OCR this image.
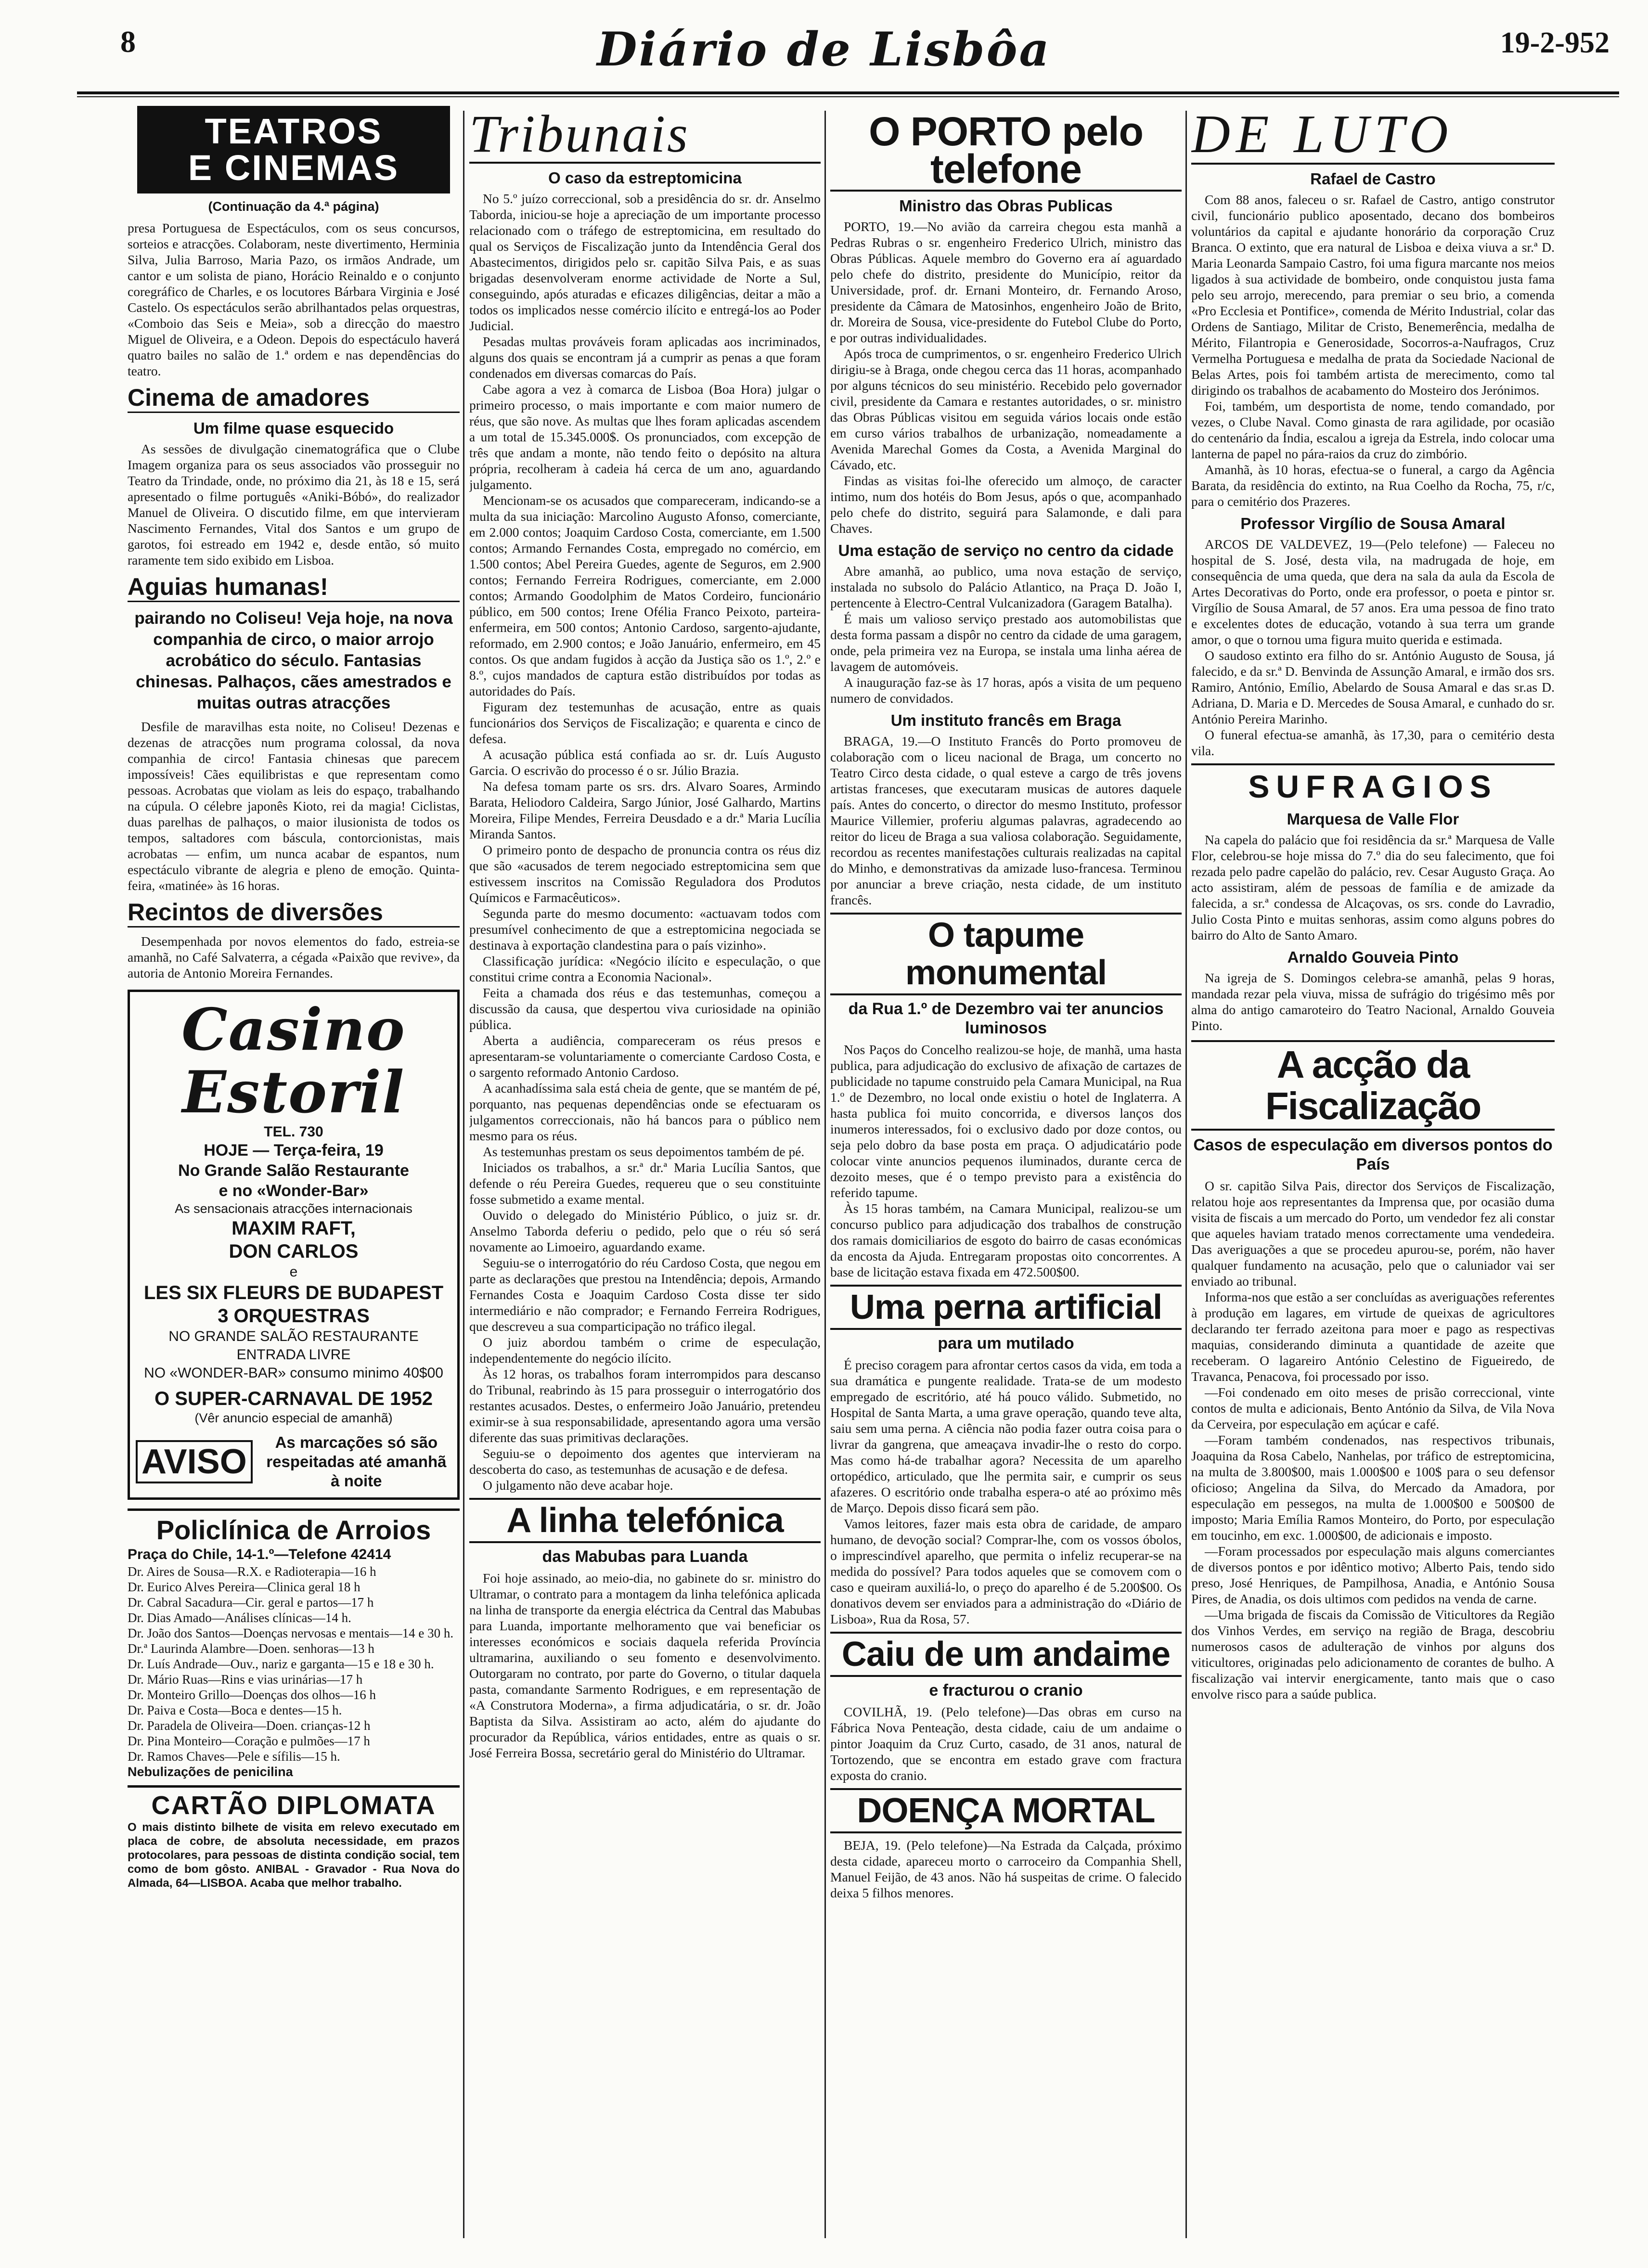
8	Diário de Lisbôa	19-2-952
TEATROS
E CINEMAS
(Continuação da 4.ª página)

presa Portuguesa de Espectáculos, com os seus concursos, sorteios e atracções. Colaboram, neste divertimento, Herminia Silva, Julia Barroso, Maria Pazo, os irmãos Andrade, um cantor e um solista de piano, Horácio Reinaldo e o conjunto coregráfico de Charles, e os locutores Bárbara Virginia e José Castelo. Os espectáculos serão abrilhantados pelas orquestras, «Comboio das Seis e Meia», sob a direcção do maestro Miguel de Oliveira, e a Odeon. Depois do espectáculo haverá quatro bailes no salão de 1.ª ordem e nas dependências do teatro.

Cinema de amadores
Um filme quase esquecido

As sessões de divulgação cinematográfica que o Clube Imagem organiza para os seus associados vão prosseguir no Teatro da Trindade, onde, no próximo dia 21, às 18 e 15, será apresentado o filme português «Aniki-Bóbó», do realizador Manuel de Oliveira. O discutido filme, em que intervieram Nascimento Fernandes, Vital dos Santos e um grupo de garotos, foi estreado em 1942 e, desde então, só muito raramente tem sido exibido em Lisboa.

Aguias humanas!
pairando no Coliseu! Veja hoje, na nova companhia de circo, o maior arrojo acrobático do século. Fantasias chinesas. Palhaços, cães amestrados e muitas outras atracções

Desfile de maravilhas esta noite, no Coliseu! Dezenas e dezenas de atracções num programa colossal, da nova companhia de circo! Fantasia chinesas que parecem impossíveis! Cães equilibristas e que representam como pessoas. Acrobatas que violam as leis do espaço, trabalhando na cúpula. O célebre japonês Kioto, rei da magia! Ciclistas, duas parelhas de palhaços, o maior ilusionista de todos os tempos, saltadores com báscula, contorcionistas, mais acrobatas — enfim, um nunca acabar de espantos, num espectáculo vibrante de alegria e pleno de emoção. Quinta-feira, «matinée» às 16 horas.

Recintos de diversões

Desempenhada por novos elementos do fado, estreia-se amanhã, no Café Salvaterra, a cégada «Paixão que revive», da autoria de Antonio Moreira Fernandes.

Casino Estoril
TEL. 730
HOJE — Terça-feira, 19
No Grande Salão Restaurante
e no «Wonder-Bar»
As sensacionais atracções internacionais
MAXIM RAFT,
DON CARLOS
e
LES SIX FLEURS DE BUDAPEST
3 ORQUESTRAS
NO GRANDE SALÃO RESTAURANTE
ENTRADA LIVRE
NO «WONDER-BAR» consumo minimo 40$00
O SUPER-CARNAVAL DE 1952
(Vêr anuncio especial de amanhã)
AVISO
As marcações só são respeitadas até amanhã à noite
Policlínica de Arroios
Praça do Chile, 14-1.º—Telefone 42414
Dr. Aires de Sousa—R.X. e Radioterapia—16 h
Dr. Eurico Alves Pereira—Clinica geral 18 h
Dr. Cabral Sacadura—Cir. geral e partos—17 h
Dr. Dias Amado—Análises clínicas—14 h.
Dr. João dos Santos—Doenças nervosas e mentais—14 e 30 h.
Dr.ª Laurinda Alambre—Doen. senhoras—13 h
Dr. Luís Andrade—Ouv., nariz e garganta—15 e 18 e 30 h.
Dr. Mário Ruas—Rins e vias urinárias—17 h
Dr. Monteiro Grillo—Doenças dos olhos—16 h
Dr. Paiva e Costa—Boca e dentes—15 h.
Dr. Paradela de Oliveira—Doen. crianças-12 h
Dr. Pina Monteiro—Coração e pulmões—17 h
Dr. Ramos Chaves—Pele e sífilis—15 h.
Nebulizações de penicilina
CARTÃO DIPLOMATA

O mais distinto bilhete de visita em relevo executado em placa de cobre, de absoluta necessidade, em prazos protocolares, para pessoas de distinta condição social, tem como de bom gôsto. ANIBAL - Gravador - Rua Nova do Almada, 64—LISBOA. Acaba que melhor trabalho.

Tribunais
O caso da estreptomicina

No 5.º juízo correccional, sob a presidência do sr. dr. Anselmo Taborda, iniciou-se hoje a apreciação de um importante processo relacionado com o tráfego de estreptomicina, em resultado do qual os Serviços de Fiscalização junto da Intendência Geral dos Abastecimentos, dirigidos pelo sr. capitão Silva Pais, e as suas brigadas desenvolveram enorme actividade de Norte a Sul, conseguindo, após aturadas e eficazes diligências, deitar a mão a todos os implicados nesse comércio ilícito e entregá-los ao Poder Judicial.

Pesadas multas prováveis foram aplicadas aos incriminados, alguns dos quais se encontram já a cumprir as penas a que foram condenados em diversas comarcas do País.

Cabe agora a vez à comarca de Lisboa (Boa Hora) julgar o primeiro processo, o mais importante e com maior numero de réus, que são nove. As multas que lhes foram aplicadas ascendem a um total de 15.345.000$. Os pronunciados, com excepção de três que andam a monte, não tendo feito o depósito na altura própria, recolheram à cadeia há cerca de um ano, aguardando julgamento.

Mencionam-se os acusados que compareceram, indicando-se a multa da sua iniciação: Marcolino Augusto Afonso, comerciante, em 2.000 contos; Joaquim Cardoso Costa, comerciante, em 1.500 contos; Armando Fernandes Costa, empregado no comércio, em 1.500 contos; Abel Pereira Guedes, agente de Seguros, em 2.900 contos; Fernando Ferreira Rodrigues, comerciante, em 2.000 contos; Armando Goodolphim de Matos Cordeiro, funcionário público, em 500 contos; Irene Ofélia Franco Peixoto, parteira-enfermeira, em 500 contos; Antonio Cardoso, sargento-ajudante, reformado, em 2.900 contos; e João Januário, enfermeiro, em 45 contos. Os que andam fugidos à acção da Justiça são os 1.º, 2.º e 8.º, cujos mandados de captura estão distribuídos por todas as autoridades do País.

Figuram dez testemunhas de acusação, entre as quais funcionários dos Serviços de Fiscalização; e quarenta e cinco de defesa.

A acusação pública está confiada ao sr. dr. Luís Augusto Garcia. O escrivão do processo é o sr. Júlio Brazia.

Na defesa tomam parte os srs. drs. Alvaro Soares, Armindo Barata, Heliodoro Caldeira, Sargo Júnior, José Galhardo, Martins Moreira, Filipe Mendes, Ferreira Deusdado e a dr.ª Maria Lucília Miranda Santos.

O primeiro ponto de despacho de pronuncia contra os réus diz que são «acusados de terem negociado estreptomicina sem que estivessem inscritos na Comissão Reguladora dos Produtos Químicos e Farmacêuticos».

Segunda parte do mesmo documento: «actuavam todos com presumível conhecimento de que a estreptomicina negociada se destinava à exportação clandestina para o país vizinho».

Classificação jurídica: «Negócio ilícito e especulação, o que constitui crime contra a Economia Nacional».

Feita a chamada dos réus e das testemunhas, começou a discussão da causa, que despertou viva curiosidade na opinião pública.

Aberta a audiência, compareceram os réus presos e apresentaram-se voluntariamente o comerciante Cardoso Costa, e o sargento reformado Antonio Cardoso.

A acanhadíssima sala está cheia de gente, que se mantém de pé, porquanto, nas pequenas dependências onde se efectuaram os julgamentos correccionais, não há bancos para o público nem mesmo para os réus.

As testemunhas prestam os seus depoimentos também de pé.

Iniciados os trabalhos, a sr.ª dr.ª Maria Lucília Santos, que defende o réu Pereira Guedes, requereu que o seu constituinte fosse submetido a exame mental.

Ouvido o delegado do Ministério Público, o juiz sr. dr. Anselmo Taborda deferiu o pedido, pelo que o réu só será novamente ao Limoeiro, aguardando exame.

Seguiu-se o interrogatório do réu Cardoso Costa, que negou em parte as declarações que prestou na Intendência; depois, Armando Fernandes Costa e Joaquim Cardoso Costa disse ter sido intermediário e não comprador; e Fernando Ferreira Rodrigues, que descreveu a sua comparticipação no tráfico ilegal.

O juiz abordou também o crime de especulação, independentemente do negócio ilícito.

Às 12 horas, os trabalhos foram interrompidos para descanso do Tribunal, reabrindo às 15 para prosseguir o interrogatório dos restantes acusados. Destes, o enfermeiro João Januário, pretendeu eximir-se à sua responsabilidade, apresentando agora uma versão diferente das suas primitivas declarações.

Seguiu-se o depoimento dos agentes que intervieram na descoberta do caso, as testemunhas de acusação e de defesa.

O julgamento não deve acabar hoje.

A linha telefónica
das Mabubas para Luanda

Foi hoje assinado, ao meio-dia, no gabinete do sr. ministro do Ultramar, o contrato para a montagem da linha telefónica aplicada na linha de transporte da energia eléctrica da Central das Mabubas para Luanda, importante melhoramento que vai beneficiar os interesses económicos e sociais daquela referida Província ultramarina, auxiliando o seu fomento e desenvolvimento. Outorgaram no contrato, por parte do Governo, o titular daquela pasta, comandante Sarmento Rodrigues, e em representação de «A Construtora Moderna», a firma adjudicatária, o sr. dr. João Baptista da Silva. Assistiram ao acto, além do ajudante do procurador da República, vários entidades, entre as quais o sr. José Ferreira Bossa, secretário geral do Ministério do Ultramar.

O PORTO pelo telefone
Ministro das Obras Publicas

PORTO, 19.—No avião da carreira chegou esta manhã a Pedras Rubras o sr. engenheiro Frederico Ulrich, ministro das Obras Públicas. Aquele membro do Governo era aí aguardado pelo chefe do distrito, presidente do Município, reitor da Universidade, prof. dr. Ernani Monteiro, dr. Fernando Aroso, presidente da Câmara de Matosinhos, engenheiro João de Brito, dr. Moreira de Sousa, vice-presidente do Futebol Clube do Porto, e por outras individualidades.

Após troca de cumprimentos, o sr. engenheiro Frederico Ulrich dirigiu-se à Braga, onde chegou cerca das 11 horas, acompanhado por alguns técnicos do seu ministério. Recebido pelo governador civil, presidente da Camara e restantes autoridades, o sr. ministro das Obras Públicas visitou em seguida vários locais onde estão em curso vários trabalhos de urbanização, nomeadamente a Avenida Marechal Gomes da Costa, a Avenida Marginal do Cávado, etc.

Findas as visitas foi-lhe oferecido um almoço, de caracter intimo, num dos hotéis do Bom Jesus, após o que, acompanhado pelo chefe do distrito, seguirá para Salamonde, e dali para Chaves.

Uma estação de serviço no centro da cidade

Abre amanhã, ao publico, uma nova estação de serviço, instalada no subsolo do Palácio Atlantico, na Praça D. João I, pertencente à Electro-Central Vulcanizadora (Garagem Batalha).

É mais um valioso serviço prestado aos automobilistas que desta forma passam a dispôr no centro da cidade de uma garagem, onde, pela primeira vez na Europa, se instala uma linha aérea de lavagem de automóveis.

A inauguração faz-se às 17 horas, após a visita de um pequeno numero de convidados.

Um instituto francês em Braga

BRAGA, 19.—O Instituto Francês do Porto promoveu de colaboração com o liceu nacional de Braga, um concerto no Teatro Circo desta cidade, o qual esteve a cargo de três jovens artistas franceses, que executaram musicas de autores daquele país. Antes do concerto, o director do mesmo Instituto, professor Maurice Villemier, proferiu algumas palavras, agradecendo ao reitor do liceu de Braga a sua valiosa colaboração. Seguidamente, recordou as recentes manifestações culturais realizadas na capital do Minho, e demonstrativas da amizade luso-francesa. Terminou por anunciar a breve criação, nesta cidade, de um instituto francês.

O tapume monumental
da Rua 1.º de Dezembro vai ter anuncios luminosos

Nos Paços do Concelho realizou-se hoje, de manhã, uma hasta publica, para adjudicação do exclusivo de afixação de cartazes de publicidade no tapume construido pela Camara Municipal, na Rua 1.º de Dezembro, no local onde existiu o hotel de Inglaterra. A hasta publica foi muito concorrida, e diversos lanços dos inumeros interessados, foi o exclusivo dado por doze contos, ou seja pelo dobro da base posta em praça. O adjudicatário pode colocar vinte anuncios pequenos iluminados, durante cerca de dezoito meses, que é o tempo previsto para a existência do referido tapume.

Às 15 horas também, na Camara Municipal, realizou-se um concurso publico para adjudicação dos trabalhos de construção dos ramais domiciliarios de esgoto do bairro de casas económicas da encosta da Ajuda. Entregaram propostas oito concorrentes. A base de licitação estava fixada em 472.500$00.

Uma perna artificial
para um mutilado

É preciso coragem para afrontar certos casos da vida, em toda a sua dramática e pungente realidade. Trata-se de um modesto empregado de escritório, até há pouco válido. Submetido, no Hospital de Santa Marta, a uma grave operação, quando teve alta, saiu sem uma perna. A ciência não podia fazer outra coisa para o livrar da gangrena, que ameaçava invadir-lhe o resto do corpo. Mas como há-de trabalhar agora? Necessita de um aparelho ortopédico, articulado, que lhe permita sair, e cumprir os seus afazeres. O escritório onde trabalha espera-o até ao próximo mês de Março. Depois disso ficará sem pão.

Vamos leitores, fazer mais esta obra de caridade, de amparo humano, de devoção social? Comprar-lhe, com os vossos óbolos, o imprescindível aparelho, que permita o infeliz recuperar-se na medida do possível? Para todos aqueles que se comovem com o caso e queiram auxiliá-lo, o preço do aparelho é de 5.200$00. Os donativos devem ser enviados para a administração do «Diário de Lisboa», Rua da Rosa, 57.

Caiu de um andaime
e fracturou o cranio

COVILHÃ, 19. (Pelo telefone)—Das obras em curso na Fábrica Nova Penteação, desta cidade, caiu de um andaime o pintor Joaquim da Cruz Curto, casado, de 31 anos, natural de Tortozendo, que se encontra em estado grave com fractura exposta do cranio.

DOENÇA MORTAL

BEJA, 19. (Pelo telefone)—Na Estrada da Calçada, próximo desta cidade, apareceu morto o carroceiro da Companhia Shell, Manuel Feijão, de 43 anos. Não há suspeitas de crime. O falecido deixa 5 filhos menores.

DE LUTO
Rafael de Castro

Com 88 anos, faleceu o sr. Rafael de Castro, antigo construtor civil, funcionário publico aposentado, decano dos bombeiros voluntários da capital e ajudante honorário da corporação Cruz Branca. O extinto, que era natural de Lisboa e deixa viuva a sr.ª D. Maria Leonarda Sampaio Castro, foi uma figura marcante nos meios ligados à sua actividade de bombeiro, onde conquistou justa fama pelo seu arrojo, merecendo, para premiar o seu brio, a comenda «Pro Ecclesia et Pontifice», comenda de Mérito Industrial, colar das Ordens de Santiago, Militar de Cristo, Benemerência, medalha de Mérito, Filantropia e Generosidade, Socorros-a-Naufragos, Cruz Vermelha Portuguesa e medalha de prata da Sociedade Nacional de Belas Artes, pois foi também artista de merecimento, como tal dirigindo os trabalhos de acabamento do Mosteiro dos Jerónimos.

Foi, também, um desportista de nome, tendo comandado, por vezes, o Clube Naval. Como ginasta de rara agilidade, por ocasião do centenário da Índia, escalou a igreja da Estrela, indo colocar uma lanterna de papel no pára-raios da cruz do zimbório.

Amanhã, às 10 horas, efectua-se o funeral, a cargo da Agência Barata, da residência do extinto, na Rua Coelho da Rocha, 75, r/c, para o cemitério dos Prazeres.

Professor Virgílio de Sousa Amaral

ARCOS DE VALDEVEZ, 19—(Pelo telefone) — Faleceu no hospital de S. José, desta vila, na madrugada de hoje, em consequência de uma queda, que dera na sala da aula da Escola de Artes Decorativas do Porto, onde era professor, o poeta e pintor sr. Virgílio de Sousa Amaral, de 57 anos. Era uma pessoa de fino trato e excelentes dotes de educação, votando à sua terra um grande amor, o que o tornou uma figura muito querida e estimada.

O saudoso extinto era filho do sr. António Augusto de Sousa, já falecido, e da sr.ª D. Benvinda de Assunção Amaral, e irmão dos srs. Ramiro, António, Emílio, Abelardo de Sousa Amaral e das sr.as D. Adriana, D. Maria e D. Mercedes de Sousa Amaral, e cunhado do sr. António Pereira Marinho.

O funeral efectua-se amanhã, às 17,30, para o cemitério desta vila.

SUFRAGIOS
Marquesa de Valle Flor

Na capela do palácio que foi residência da sr.ª Marquesa de Valle Flor, celebrou-se hoje missa do 7.º dia do seu falecimento, que foi rezada pelo padre capelão do palácio, rev. Cesar Augusto Graça. Ao acto assistiram, além de pessoas de família e de amizade da falecida, a sr.ª condessa de Alcaçovas, os srs. conde do Lavradio, Julio Costa Pinto e muitas senhoras, assim como alguns pobres do bairro do Alto de Santo Amaro.

Arnaldo Gouveia Pinto

Na igreja de S. Domingos celebra-se amanhã, pelas 9 horas, mandada rezar pela viuva, missa de sufrágio do trigésimo mês por alma do antigo camaroteiro do Teatro Nacional, Arnaldo Gouveia Pinto.

A acção da Fiscalização
Casos de especulação em diversos pontos do País

O sr. capitão Silva Pais, director dos Serviços de Fiscalização, relatou hoje aos representantes da Imprensa que, por ocasião duma visita de fiscais a um mercado do Porto, um vendedor fez ali constar que aqueles haviam tratado menos correctamente uma vendedeira. Das averiguações a que se procedeu apurou-se, porém, não haver qualquer fundamento na acusação, pelo que o caluniador vai ser enviado ao tribunal.

Informa-nos que estão a ser concluídas as averiguações referentes à produção em lagares, em virtude de queixas de agricultores declarando ter ferrado azeitona para moer e pago as respectivas maquias, considerando diminuta a quantidade de azeite que receberam. O lagareiro António Celestino de Figueiredo, de Travanca, Penacova, foi processado por isso.

—Foi condenado em oito meses de prisão correccional, vinte contos de multa e adicionais, Bento António da Silva, de Vila Nova da Cerveira, por especulação em açúcar e café.

—Foram também condenados, nas respectivos tribunais, Joaquina da Rosa Cabelo, Nanhelas, por tráfico de estreptomicina, na multa de 3.800$00, mais 1.000$00 e 100$ para o seu defensor oficioso; Angelina da Silva, do Mercado da Amadora, por especulação em pessegos, na multa de 1.000$00 e 500$00 de imposto; Maria Emília Ramos Monteiro, do Porto, por especulação em toucinho, em exc. 1.000$00, de adicionais e imposto.

—Foram processados por especulação mais alguns comerciantes de diversos pontos e por idêntico motivo; Alberto Pais, tendo sido preso, José Henriques, de Pampilhosa, Anadia, e António Sousa Pires, de Anadia, os dois ultimos com pedidos na venda de carne.

—Uma brigada de fiscais da Comissão de Viticultores da Região dos Vinhos Verdes, em serviço na região de Braga, descobriu numerosos casos de adulteração de vinhos por alguns dos viticultores, originadas pelo adicionamento de corantes de bulho. A fiscalização vai intervir energicamente, tanto mais que o caso envolve risco para a saúde publica.
